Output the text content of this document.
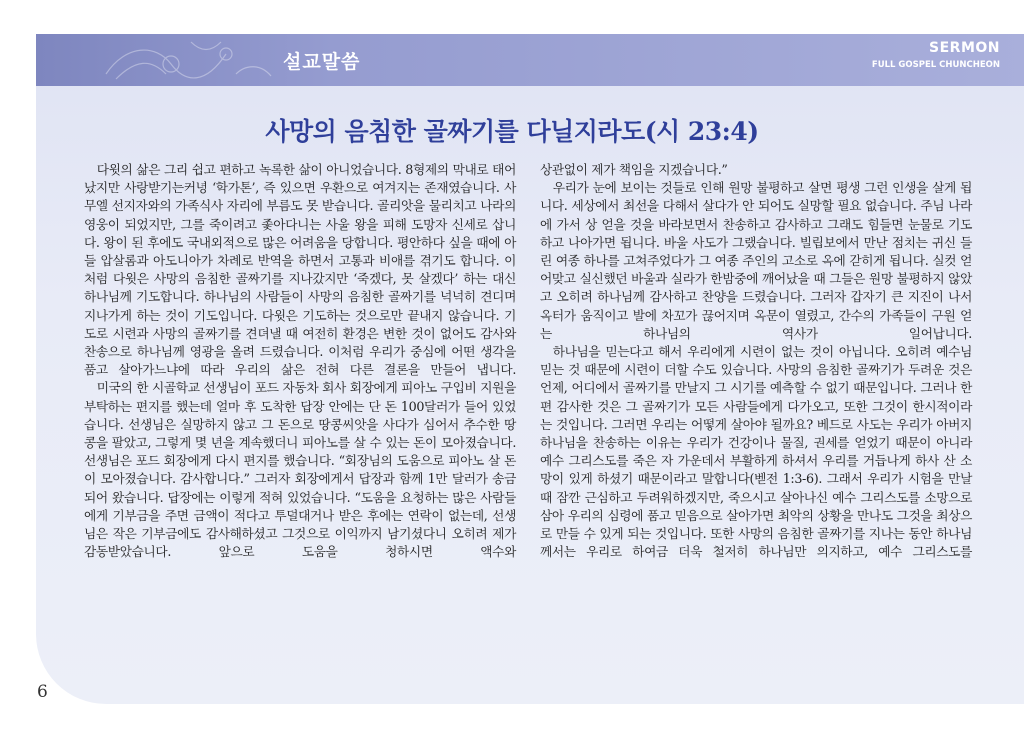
설교말씀
SERMON
FULL GOSPEL CHUNCHEON
사망의 음침한 골짜기를 다닐지라도(시 23:4)

다윗의 삶은 그리 쉽고 편하고 녹록한 삶이 아니었습니다. 8형제의 막내로 태어났지만 사랑받기는커녕 ‘학가톤’, 즉 있으면 우환으로 여겨지는 존재였습니다. 사무엘 선지자와의 가족식사 자리에 부름도 못 받습니다. 골리앗을 물리치고 나라의 영웅이 되었지만, 그를 죽이려고 좇아다니는 사울 왕을 피해 도망자 신세로 삽니다. 왕이 된 후에도 국내외적으로 많은 어려움을 당합니다. 평안하다 싶을 때에 아들 압살롬과 아도니아가 차례로 반역을 하면서 고통과 비애를 겪기도 합니다. 이처럼 다윗은 사망의 음침한 골짜기를 지나갔지만 ‘죽겠다, 못 살겠다’ 하는 대신 하나님께 기도합니다. 하나님의 사람들이 사망의 음침한 골짜기를 넉넉히 견디며 지나가게 하는 것이 기도입니다. 다윗은 기도하는 것으로만 끝내지 않습니다. 기도로 시련과 사망의 골짜기를 견뎌낼 때 여전히 환경은 변한 것이 없어도 감사와 찬송으로 하나님께 영광을 올려 드렸습니다. 이처럼 우리가 중심에 어떤 생각을 품고 살아가느냐에 따라 우리의 삶은 전혀 다른 결론을 만들어 냅니다.

미국의 한 시골학교 선생님이 포드 자동차 회사 회장에게 피아노 구입비 지원을 부탁하는 편지를 했는데 얼마 후 도착한 답장 안에는 단 돈 100달러가 들어 있었습니다. 선생님은 실망하지 않고 그 돈으로 땅콩씨앗을 사다가 심어서 추수한 땅콩을 팔았고, 그렇게 몇 년을 계속했더니 피아노를 살 수 있는 돈이 모아졌습니다. 선생님은 포드 회장에게 다시 편지를 했습니다. “회장님의 도움으로 피아노 살 돈이 모아졌습니다. 감사합니다.” 그러자 회장에게서 답장과 함께 1만 달러가 송금되어 왔습니다. 답장에는 이렇게 적혀 있었습니다. “도움을 요청하는 많은 사람들에게 기부금을 주면 금액이 적다고 투덜대거나 받은 후에는 연락이 없는데, 선생님은 작은 기부금에도 감사해하셨고 그것으로 이익까지 남기셨다니 오히려 제가 감동받았습니다. 앞으로 도움을 청하시면 액수와

상관없이 제가 책임을 지겠습니다.”

우리가 눈에 보이는 것들로 인해 원망 불평하고 살면 평생 그런 인생을 살게 됩니다. 세상에서 최선을 다해서 살다가 안 되어도 실망할 필요 없습니다. 주님 나라에 가서 상 얻을 것을 바라보면서 찬송하고 감사하고 그래도 힘들면 눈물로 기도하고 나아가면 됩니다. 바울 사도가 그랬습니다. 빌립보에서 만난 점치는 귀신 들린 여종 하나를 고쳐주었다가 그 여종 주인의 고소로 옥에 갇히게 됩니다. 실컷 얻어맞고 실신했던 바울과 실라가 한밤중에 깨어났을 때 그들은 원망 불평하지 않았고 오히려 하나님께 감사하고 찬양을 드렸습니다. 그러자 갑자기 큰 지진이 나서 옥터가 움직이고 발에 차꼬가 끊어지며 옥문이 열렸고, 간수의 가족들이 구원 얻는 하나님의 역사가 일어납니다.

하나님을 믿는다고 해서 우리에게 시련이 없는 것이 아닙니다. 오히려 예수님 믿는 것 때문에 시련이 더할 수도 있습니다. 사망의 음침한 골짜기가 두려운 것은 언제, 어디에서 골짜기를 만날지 그 시기를 예측할 수 없기 때문입니다. 그러나 한편 감사한 것은 그 골짜기가 모든 사람들에게 다가오고, 또한 그것이 한시적이라는 것입니다. 그러면 우리는 어떻게 살아야 될까요? 베드로 사도는 우리가 아버지 하나님을 찬송하는 이유는 우리가 건강이나 물질, 권세를 얻었기 때문이 아니라 예수 그리스도를 죽은 자 가운데서 부활하게 하셔서 우리를 거듭나게 하사 산 소망이 있게 하셨기 때문이라고 말합니다(벧전 1:3-6). 그래서 우리가 시험을 만날 때 잠깐 근심하고 두려워하겠지만, 죽으시고 살아나신 예수 그리스도를 소망으로 삼아 우리의 심령에 품고 믿음으로 살아가면 최악의 상황을 만나도 그것을 최상으로 만들 수 있게 되는 것입니다. 또한 사망의 음침한 골짜기를 지나는 동안 하나님께서는 우리로 하여금 더욱 철저히 하나님만 의지하고, 예수 그리스도를

6
